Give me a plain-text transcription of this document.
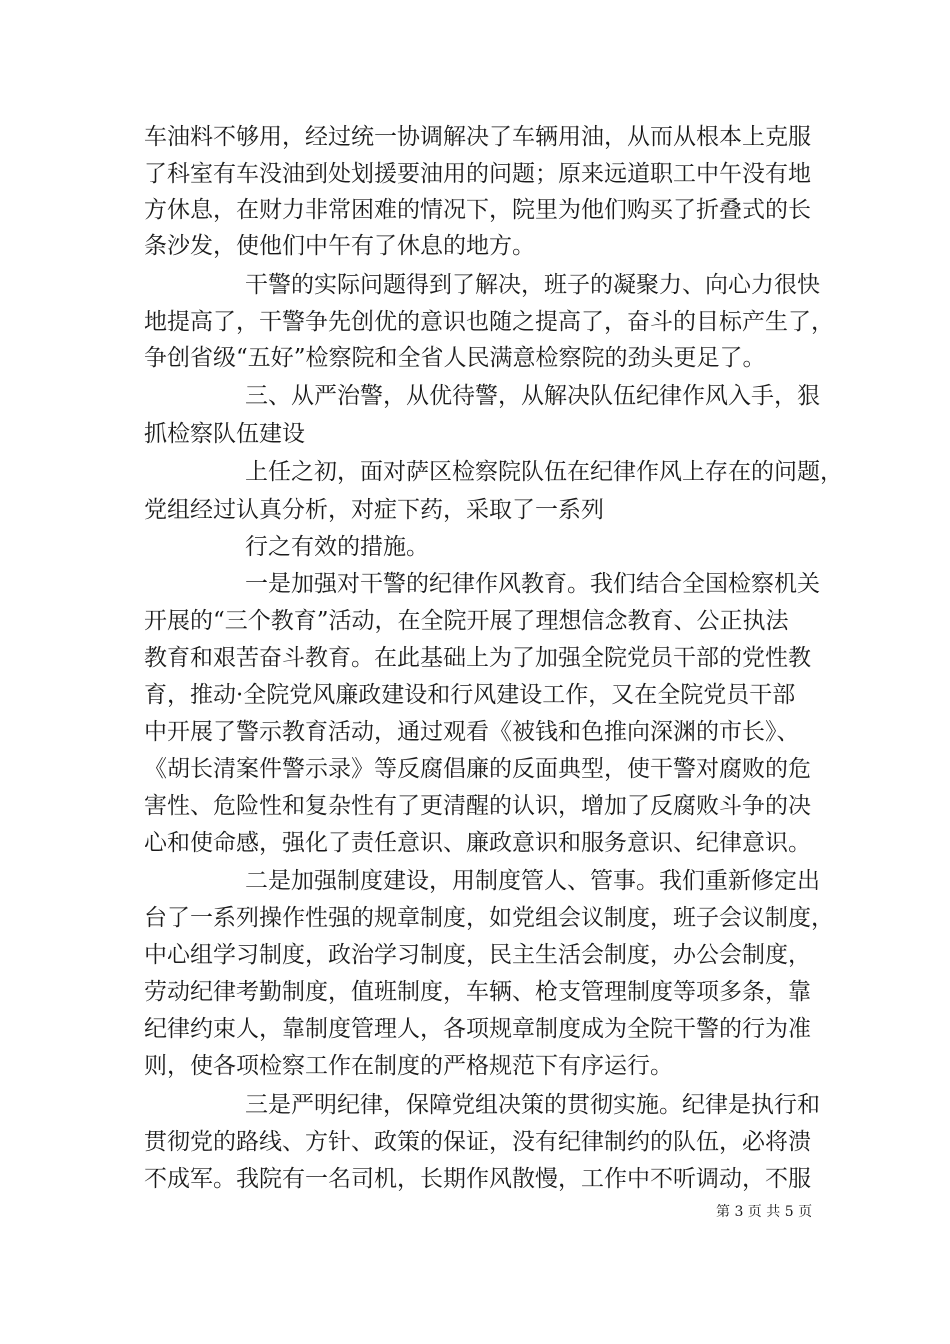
车油料不够用，经过统一协调解决了车辆用油，从而从根本上克服
了科室有车没油到处划援要油用的问题；原来远道职工中午没有地
方休息，在财力非常困难的情况下，院里为他们购买了折叠式的长
条沙发，使他们中午有了休息的地方。
干警的实际问题得到了解决，班子的凝聚力、向心力很快
地提高了，干警争先创优的意识也随之提高了，奋斗的目标产生了，
争创省级“五好”检察院和全省人民满意检察院的劲头更足了。
三、从严治警，从优待警，从解决队伍纪律作风入手，狠
抓检察队伍建设
上任之初，面对萨区检察院队伍在纪律作风上存在的问题，
党组经过认真分析，对症下药，采取了一系列
行之有效的措施。
一是加强对干警的纪律作风教育。我们结合全国检察机关
开展的“三个教育”活动，在全院开展了理想信念教育、公正执法
教育和艰苦奋斗教育。在此基础上为了加强全院党员干部的党性教
育，推动·全院党风廉政建设和行风建设工作，又在全院党员干部
中开展了警示教育活动，通过观看《被钱和色推向深渊的市长》、
《胡长清案件警示录》等反腐倡廉的反面典型，使干警对腐败的危
害性、危险性和复杂性有了更清醒的认识，增加了反腐败斗争的决
心和使命感，强化了责任意识、廉政意识和服务意识、纪律意识。
二是加强制度建设，用制度管人、管事。我们重新修定出
台了一系列操作性强的规章制度，如党组会议制度，班子会议制度，
中心组学习制度，政治学习制度，民主生活会制度，办公会制度，
劳动纪律考勤制度，值班制度，车辆、枪支管理制度等项多条，靠
纪律约束人，靠制度管理人，各项规章制度成为全院干警的行为准
则，使各项检察工作在制度的严格规范下有序运行。
三是严明纪律，保障党组决策的贯彻实施。纪律是执行和
贯彻党的路线、方针、政策的保证，没有纪律制约的队伍，必将溃
不成军。我院有一名司机，长期作风散慢，工作中不听调动，不服
第 3 页 共 5 页
